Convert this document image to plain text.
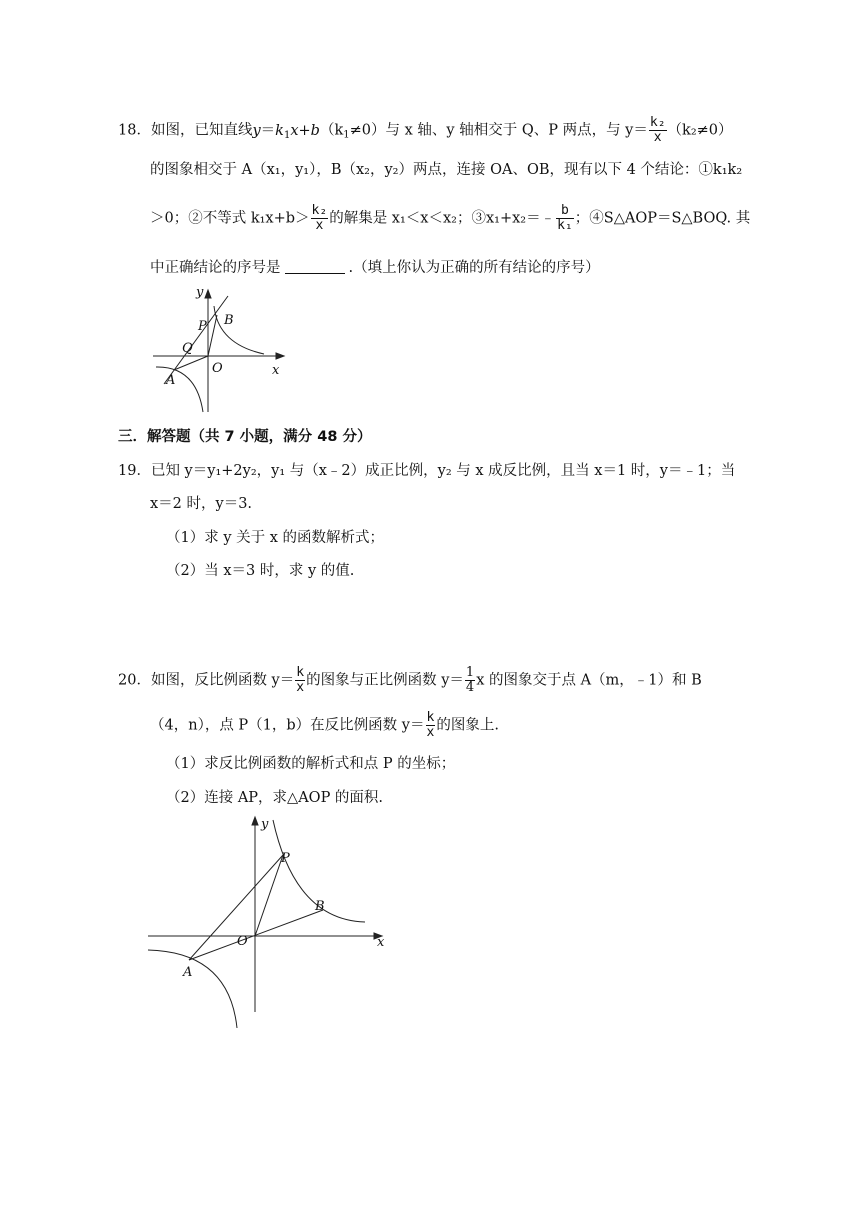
18．如图，已知直线$y=k_1x+b(k_1\ne 0)$与 x 轴、y 轴相交于 Q、P 两点，与 $y= \frac{\text{k₂}}{x} (k_2\ne 0)$
的图象相交于 A（x₁，y₁），B（x₂，y₂）两点，连接 OA、OB，现有以下 4 个结论：①k₁k₂
＞0；②不等式 $k_1x+b> \frac{\text{k₂}}{x}$ 的解集是 x₁＜x＜x₂；③x₁+x₂＝﹣ $\frac{b}{\text{k₁}}$ ；④S△AOP＝S△BOQ. 其
中正确结论的序号是	.（填上你认为正确的所有结论的序号）
y
x
P B
Q
O
A
三．解答题（共 7 小题，满分 48 分）
19．已知 y＝y₁+2y₂，y₁ 与（x﹣2）成正比例，y₂ 与 x 成反比例，且当 x＝1 时，y＝﹣1；当
x＝2 时，y＝3.
（1）求 y 关于 x 的函数解析式；
（2）当 x＝3 时，求 y 的值.
20．如图，反比例函数 $y= \frac{k}{x}$ 的图象与正比例函数 $y= \frac{1}{4}$ x 的图象交于点 A（m，﹣1）和 B
（4，n），点 P（1，b）在反比例函数 $y= \frac{k}{x}$ 的图象上.
（1）求反比例函数的解析式和点 P 的坐标；
（2）连接 AP，求△AOP 的面积.
y
x
P
B
O
A
